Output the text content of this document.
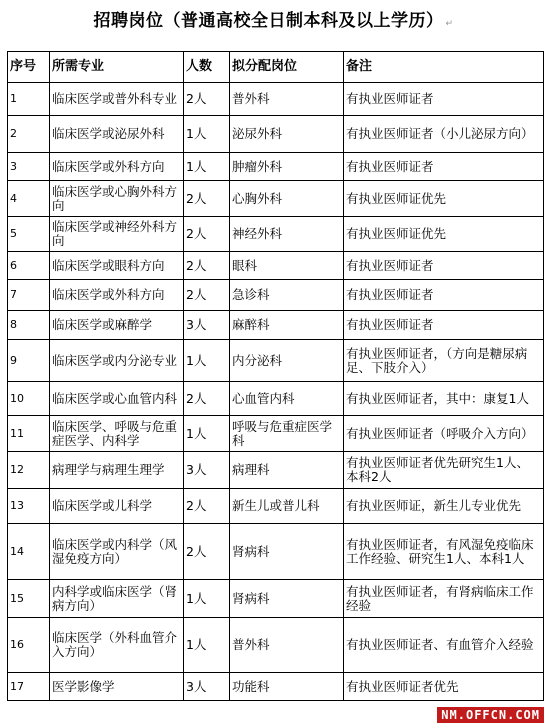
招聘岗位（普通高校全日制本科及以上学历） ↵
序号	所需专业	人数	拟分配岗位	备注
1	临床医学或普外科专业	2人	普外科	有执业医师证者
2	临床医学或泌尿外科	1人	泌尿外科	有执业医师证者（小儿泌尿方向）
3	临床医学或外科方向	1人	肿瘤外科	有执业医师证者
4	临床医学或心胸外科方向	2人	心胸外科	有执业医师证优先
5	临床医学或神经外科方向	2人	神经外科	有执业医师证优先
6	临床医学或眼科方向	2人	眼科	有执业医师证者
7	临床医学或外科方向	2人	急诊科	有执业医师证者
8	临床医学或麻醉学	3人	麻醉科	有执业医师证者
9	临床医学或内分泌专业	1人	内分泌科	有执业医师证者，（方向是糖尿病足、下肢介入）
10	临床医学或心血管内科	2人	心血管内科	有执业医师证者，其中：康复1人
11	临床医学、呼吸与危重症医学、内科学	1人	呼吸与危重症医学科	有执业医师证者（呼吸介入方向）
12	病理学与病理生理学	3人	病理科	有执业医师证者优先研究生1人、本科2人
13	临床医学或儿科学	2人	新生儿或普儿科	有执业医师证，新生儿专业优先
14	临床医学或内科学（风湿免疫方向）	2人	肾病科	有执业医师证者，有风湿免疫临床工作经验、研究生1人、本科1人
15	内科学或临床医学（肾病方向）	1人	肾病科	有执业医师证者，有肾病临床工作经验
16	临床医学（外科血管介入方向）	1人	普外科	有执业医师证者、有血管介入经验
17	医学影像学	3人	功能科	有执业医师证者优先
NM.OFFCN.COM
